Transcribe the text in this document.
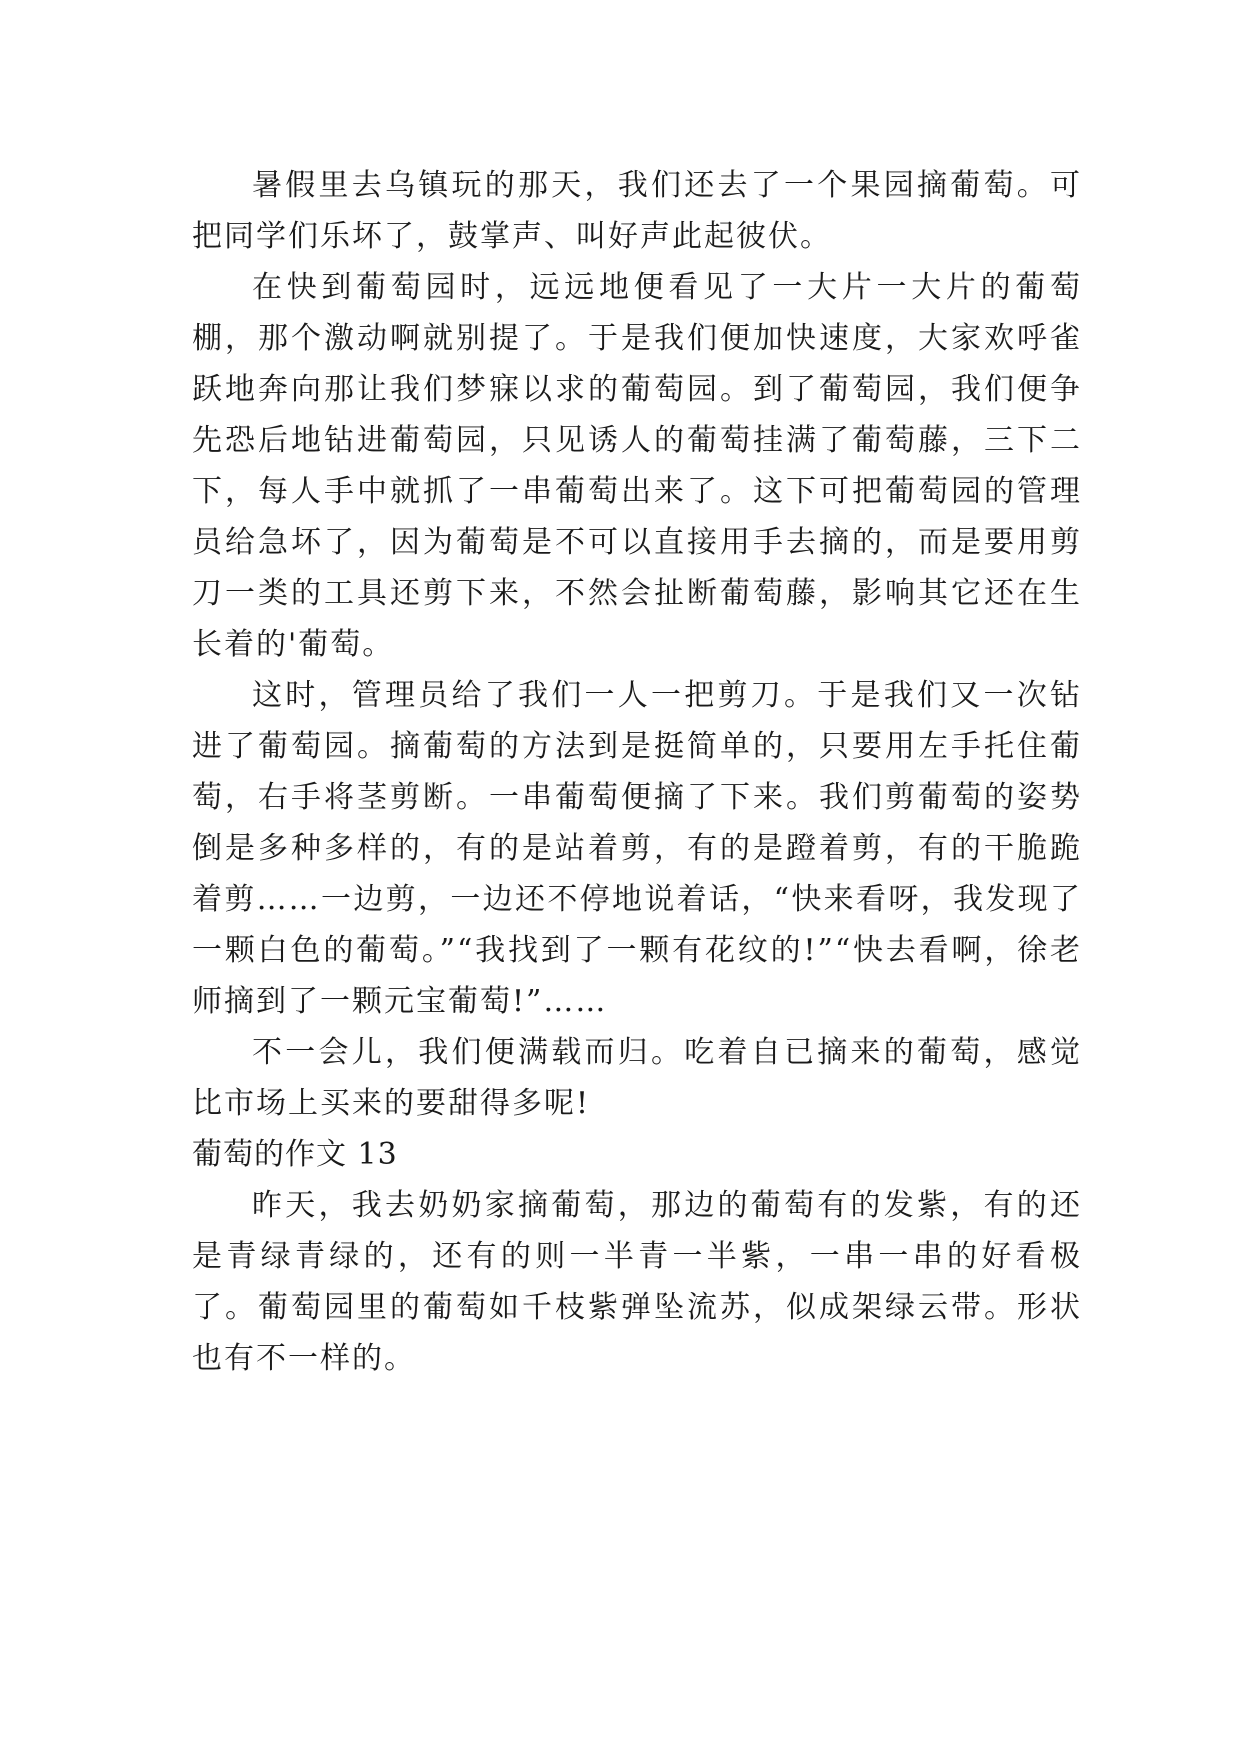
暑假里去乌镇玩的那天，我们还去了一个果园摘葡萄。可把同学们乐坏了，鼓掌声、叫好声此起彼伏。

在快到葡萄园时，远远地便看见了一大片一大片的葡萄棚，那个激动啊就别提了。于是我们便加快速度，大家欢呼雀跃地奔向那让我们梦寐以求的葡萄园。到了葡萄园，我们便争先恐后地钻进葡萄园，只见诱人的葡萄挂满了葡萄藤，三下二下，每人手中就抓了一串葡萄出来了。这下可把葡萄园的管理员给急坏了，因为葡萄是不可以直接用手去摘的，而是要用剪刀一类的工具还剪下来，不然会扯断葡萄藤，影响其它还在生长着的'葡萄。

这时，管理员给了我们一人一把剪刀。于是我们又一次钻进了葡萄园。摘葡萄的方法到是挺简单的，只要用左手托住葡萄，右手将茎剪断。一串葡萄便摘了下来。我们剪葡萄的姿势倒是多种多样的，有的是站着剪，有的是蹬着剪，有的干脆跪着剪……一边剪，一边还不停地说着话，“快来看呀，我发现了一颗白色的葡萄。”“我找到了一颗有花纹的!”“快去看啊，徐老师摘到了一颗元宝葡萄!”……

不一会儿，我们便满载而归。吃着自已摘来的葡萄，感觉比市场上买来的要甜得多呢!

葡萄的作文 13

昨天，我去奶奶家摘葡萄，那边的葡萄有的发紫，有的还是青绿青绿的，还有的则一半青一半紫，一串一串的好看极了。葡萄园里的葡萄如千枝紫弹坠流苏，似成架绿云带。形状也有不一样的。
